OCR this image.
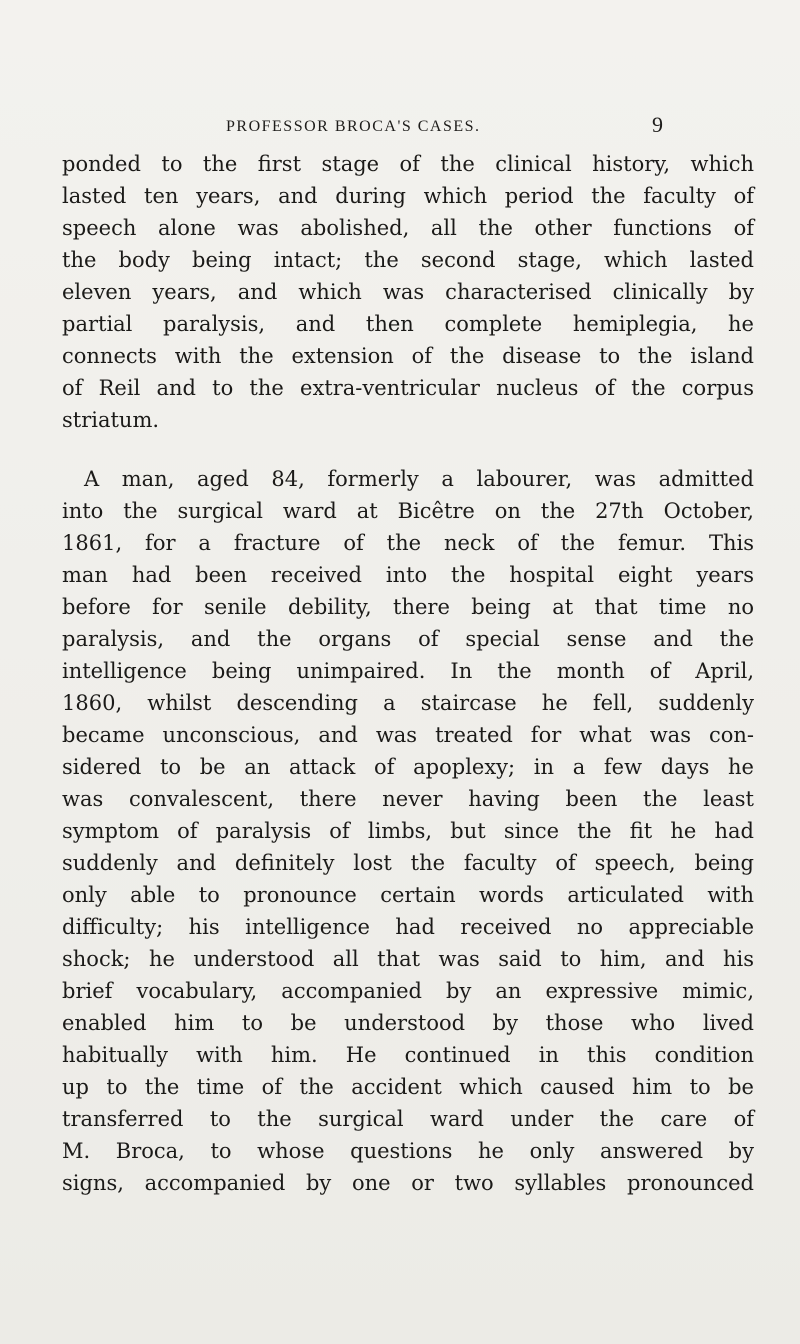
PROFESSOR BROCA'S CASES.	9

ponded to the first stage of the clinical history, which
lasted ten years, and during which period the faculty of
speech alone was abolished, all the other functions of
the body being intact; the second stage, which lasted
eleven years, and which was characterised clinically by
partial paralysis, and then complete hemiplegia, he
connects with the extension of the disease to the island
of Reil and to the extra-ventricular nucleus of the corpus
striatum.

A man, aged 84, formerly a labourer, was admitted
into the surgical ward at Bicêtre on the 27th October,
1861, for a fracture of the neck of the femur. This
man had been received into the hospital eight years
before for senile debility, there being at that time no
paralysis, and the organs of special sense and the
intelligence being unimpaired. In the month of April,
1860, whilst descending a staircase he fell, suddenly
became unconscious, and was treated for what was con-
sidered to be an attack of apoplexy; in a few days he
was convalescent, there never having been the least
symptom of paralysis of limbs, but since the fit he had
suddenly and definitely lost the faculty of speech, being
only able to pronounce certain words articulated with
difficulty; his intelligence had received no appreciable
shock; he understood all that was said to him, and his
brief vocabulary, accompanied by an expressive mimic,
enabled him to be understood by those who lived
habitually with him. He continued in this condition
up to the time of the accident which caused him to be
transferred to the surgical ward under the care of
M. Broca, to whose questions he only answered by
signs, accompanied by one or two syllables pronounced
